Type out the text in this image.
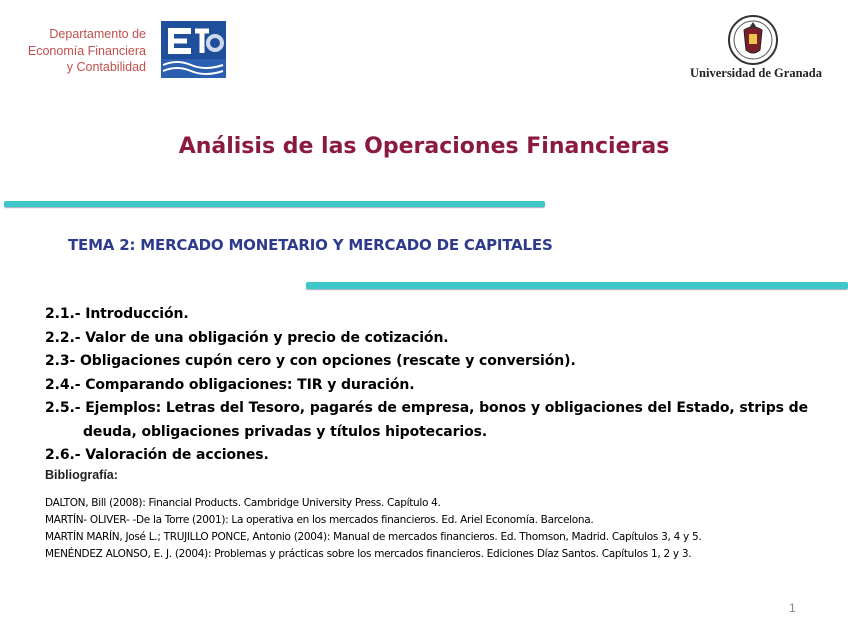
Departamento de
Economía Financiera
y Contabilidad	Universidad de Granada
Análisis de las Operaciones Financieras
TEMA 2: MERCADO MONETARIO Y MERCADO DE CAPITALES
2.1.- Introducción.
2.2.- Valor de una obligación y precio de cotización.
2.3- Obligaciones cupón cero y con opciones (rescate y conversión).
2.4.- Comparando obligaciones: TIR y duración.
2.5.- Ejemplos: Letras del Tesoro, pagarés de empresa, bonos y obligaciones del Estado, strips de
deuda, obligaciones privadas y títulos hipotecarios.
2.6.- Valoración de acciones.
Bibliografía:
DALTON, Bill (2008): Financial Products. Cambridge University Press. Capítulo 4.
MARTÍN- OLIVER- -De la Torre (2001): La operativa en los mercados financieros. Ed. Ariel Economía. Barcelona.
MARTÍN MARÍN, José L.; TRUJILLO PONCE, Antonio (2004): Manual de mercados financieros. Ed. Thomson, Madrid. Capítulos 3, 4 y 5.
MENÉNDEZ ALONSO, E. J. (2004): Problemas y prácticas sobre los mercados financieros. Ediciones Díaz Santos. Capítulos 1, 2 y 3.
1
